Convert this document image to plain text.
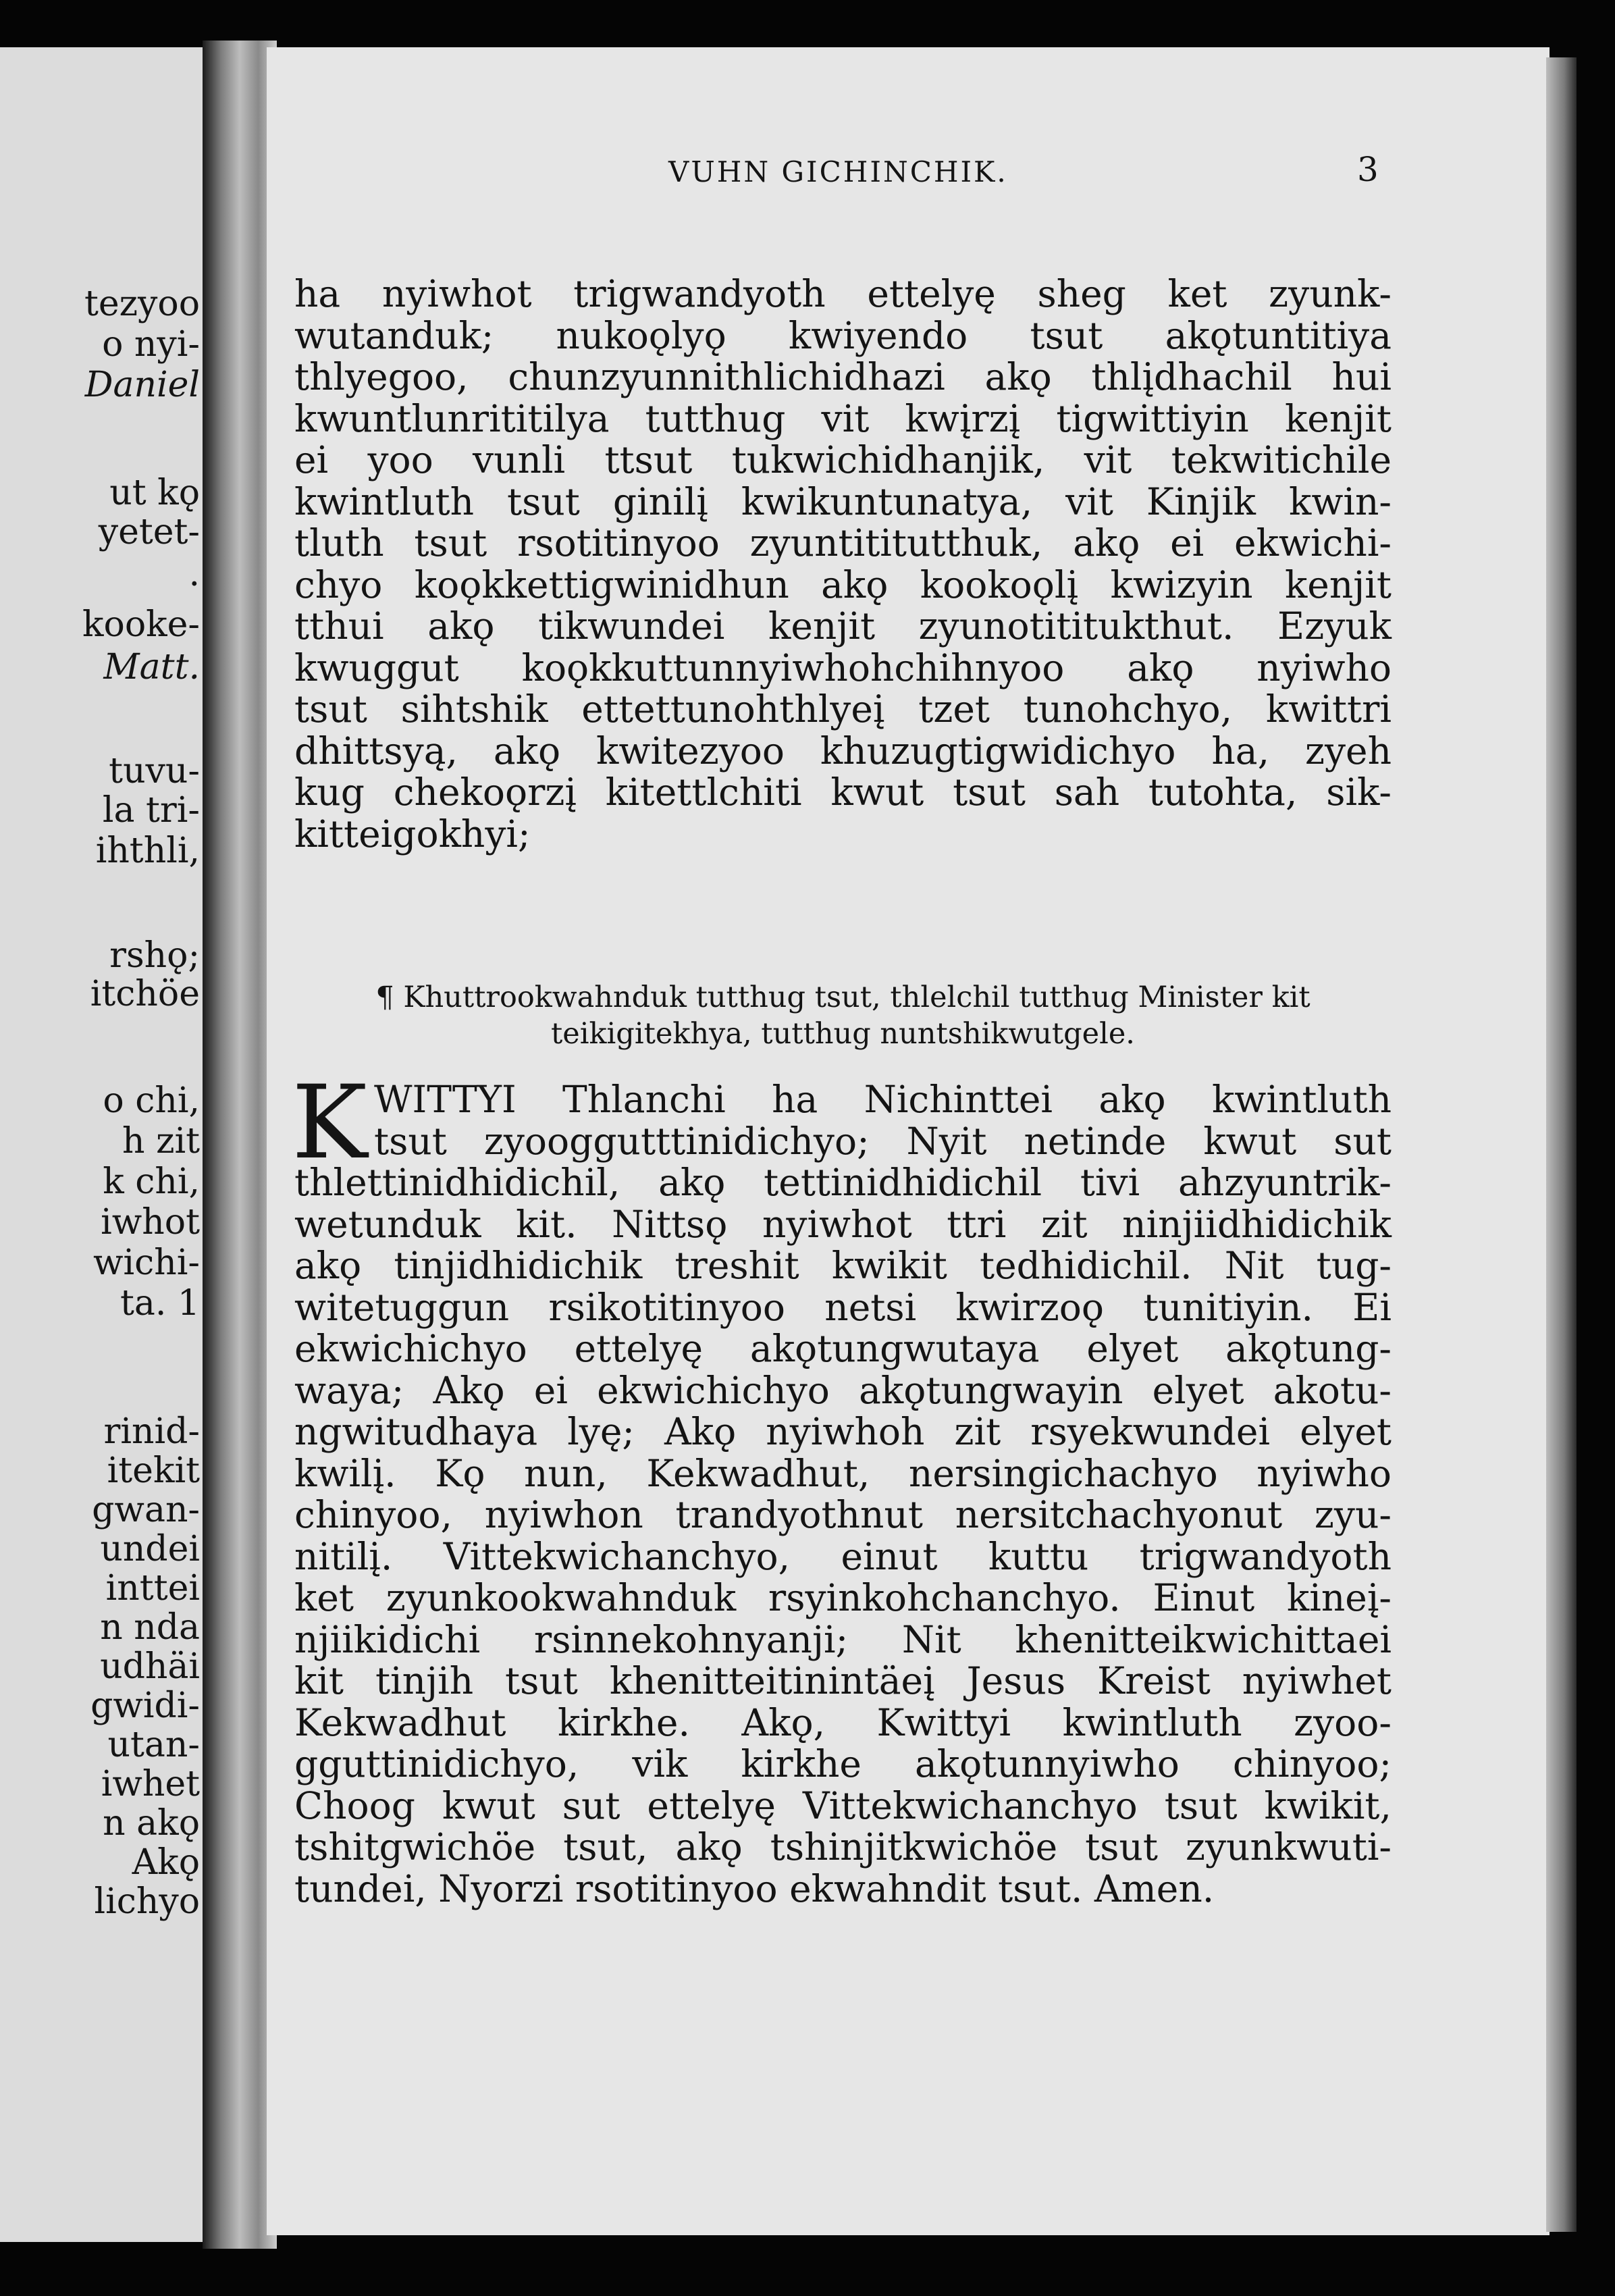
tezyoo
o nyi-
Daniel
ut kǫ
yetet-
.
kooke-
Matt.
tuvu-
la tri-
ihthli,
rshǫ;
itchöe
o chi,
h zit
k chi,
iwhot
wichi-
ta. 1
rinid-
itekit
gwan-
undei
inttei
n nda
udhäi
gwidi-
utan-
iwhet
n akǫ
Akǫ
lichyo
VUHN GICHINCHIK.	3
ha nyiwhot trigwandyoth ettelyę sheg ket zyunk-
wutanduk; nukoǫlyǫ kwiyendo tsut akǫtuntitiya
thlyegoo, chunzyunnithlichidhazi akǫ thlįdhachil hui
kwuntlunrititilya tutthug vit kwįrzį tigwittiyin kenjit
ei yoo vunli ttsut tukwichidhanjik, vit tekwitichile
kwintluth tsut ginilį kwikuntunatya, vit Kinjik kwin-
tluth tsut rsotitinyoo zyuntititutthuk, akǫ ei ekwichi-
chyo koǫkkettigwinidhun akǫ kookoǫlį kwizyin kenjit
tthui akǫ tikwundei kenjit zyunotititukthut. Ezyuk
kwuggut koǫkkuttunnyiwhohchihnyoo akǫ nyiwho
tsut sihtshik ettettunohthlyeį tzet tunohchyo, kwittri
dhittsyą, akǫ kwitezyoo khuzugtigwidichyo ha, zyeh
kug chekoǫrzį kitettlchiti kwut tsut sah tutohta, sik-
kitteigokhyi;
¶ Khuttrookwahnduk tutthug tsut, thlelchil tutthug Minister kit
teikigitekhya, tutthug nuntshikwutgele.
K WITTYI Thlanchi ha Nichinttei akǫ kwintluth
tsut zyooggutttinidichyo; Nyit netinde kwut sut
thlettinidhidichil, akǫ tettinidhidichil tivi ahzyuntrik-
wetunduk kit. Nittsǫ nyiwhot ttri zit ninjiidhidichik
akǫ tinjidhidichik treshit kwikit tedhidichil. Nit tug-
witetuggun rsikotitinyoo netsi kwirzoǫ tunitiyin. Ei
ekwichichyo ettelyę akǫtungwutaya elyet akǫtung-
waya; Akǫ ei ekwichichyo akǫtungwayin elyet akotu-
ngwitudhaya lyę; Akǫ nyiwhoh zit rsyekwundei elyet
kwilį. Kǫ nun, Kekwadhut, nersingichachyo nyiwho
chinyoo, nyiwhon trandyothnut nersitchachyonut zyu-
nitilį. Vittekwichanchyo, einut kuttu trigwandyoth
ket zyunkookwahnduk rsyinkohchanchyo. Einut kineį-
njiikidichi rsinnekohnyanji; Nit khenitteikwichittaei
kit tinjih tsut khenitteitinintäeį Jesus Kreist nyiwhet
Kekwadhut kirkhe. Akǫ, Kwittyi kwintluth zyoo-
gguttinidichyo, vik kirkhe akǫtunnyiwho chinyoo;
Choog kwut sut ettelyę Vittekwichanchyo tsut kwikit,
tshitgwichöe tsut, akǫ tshinjitkwichöe tsut zyunkwuti-
tundei, Nyorzi rsotitinyoo ekwahndit tsut. Amen.
